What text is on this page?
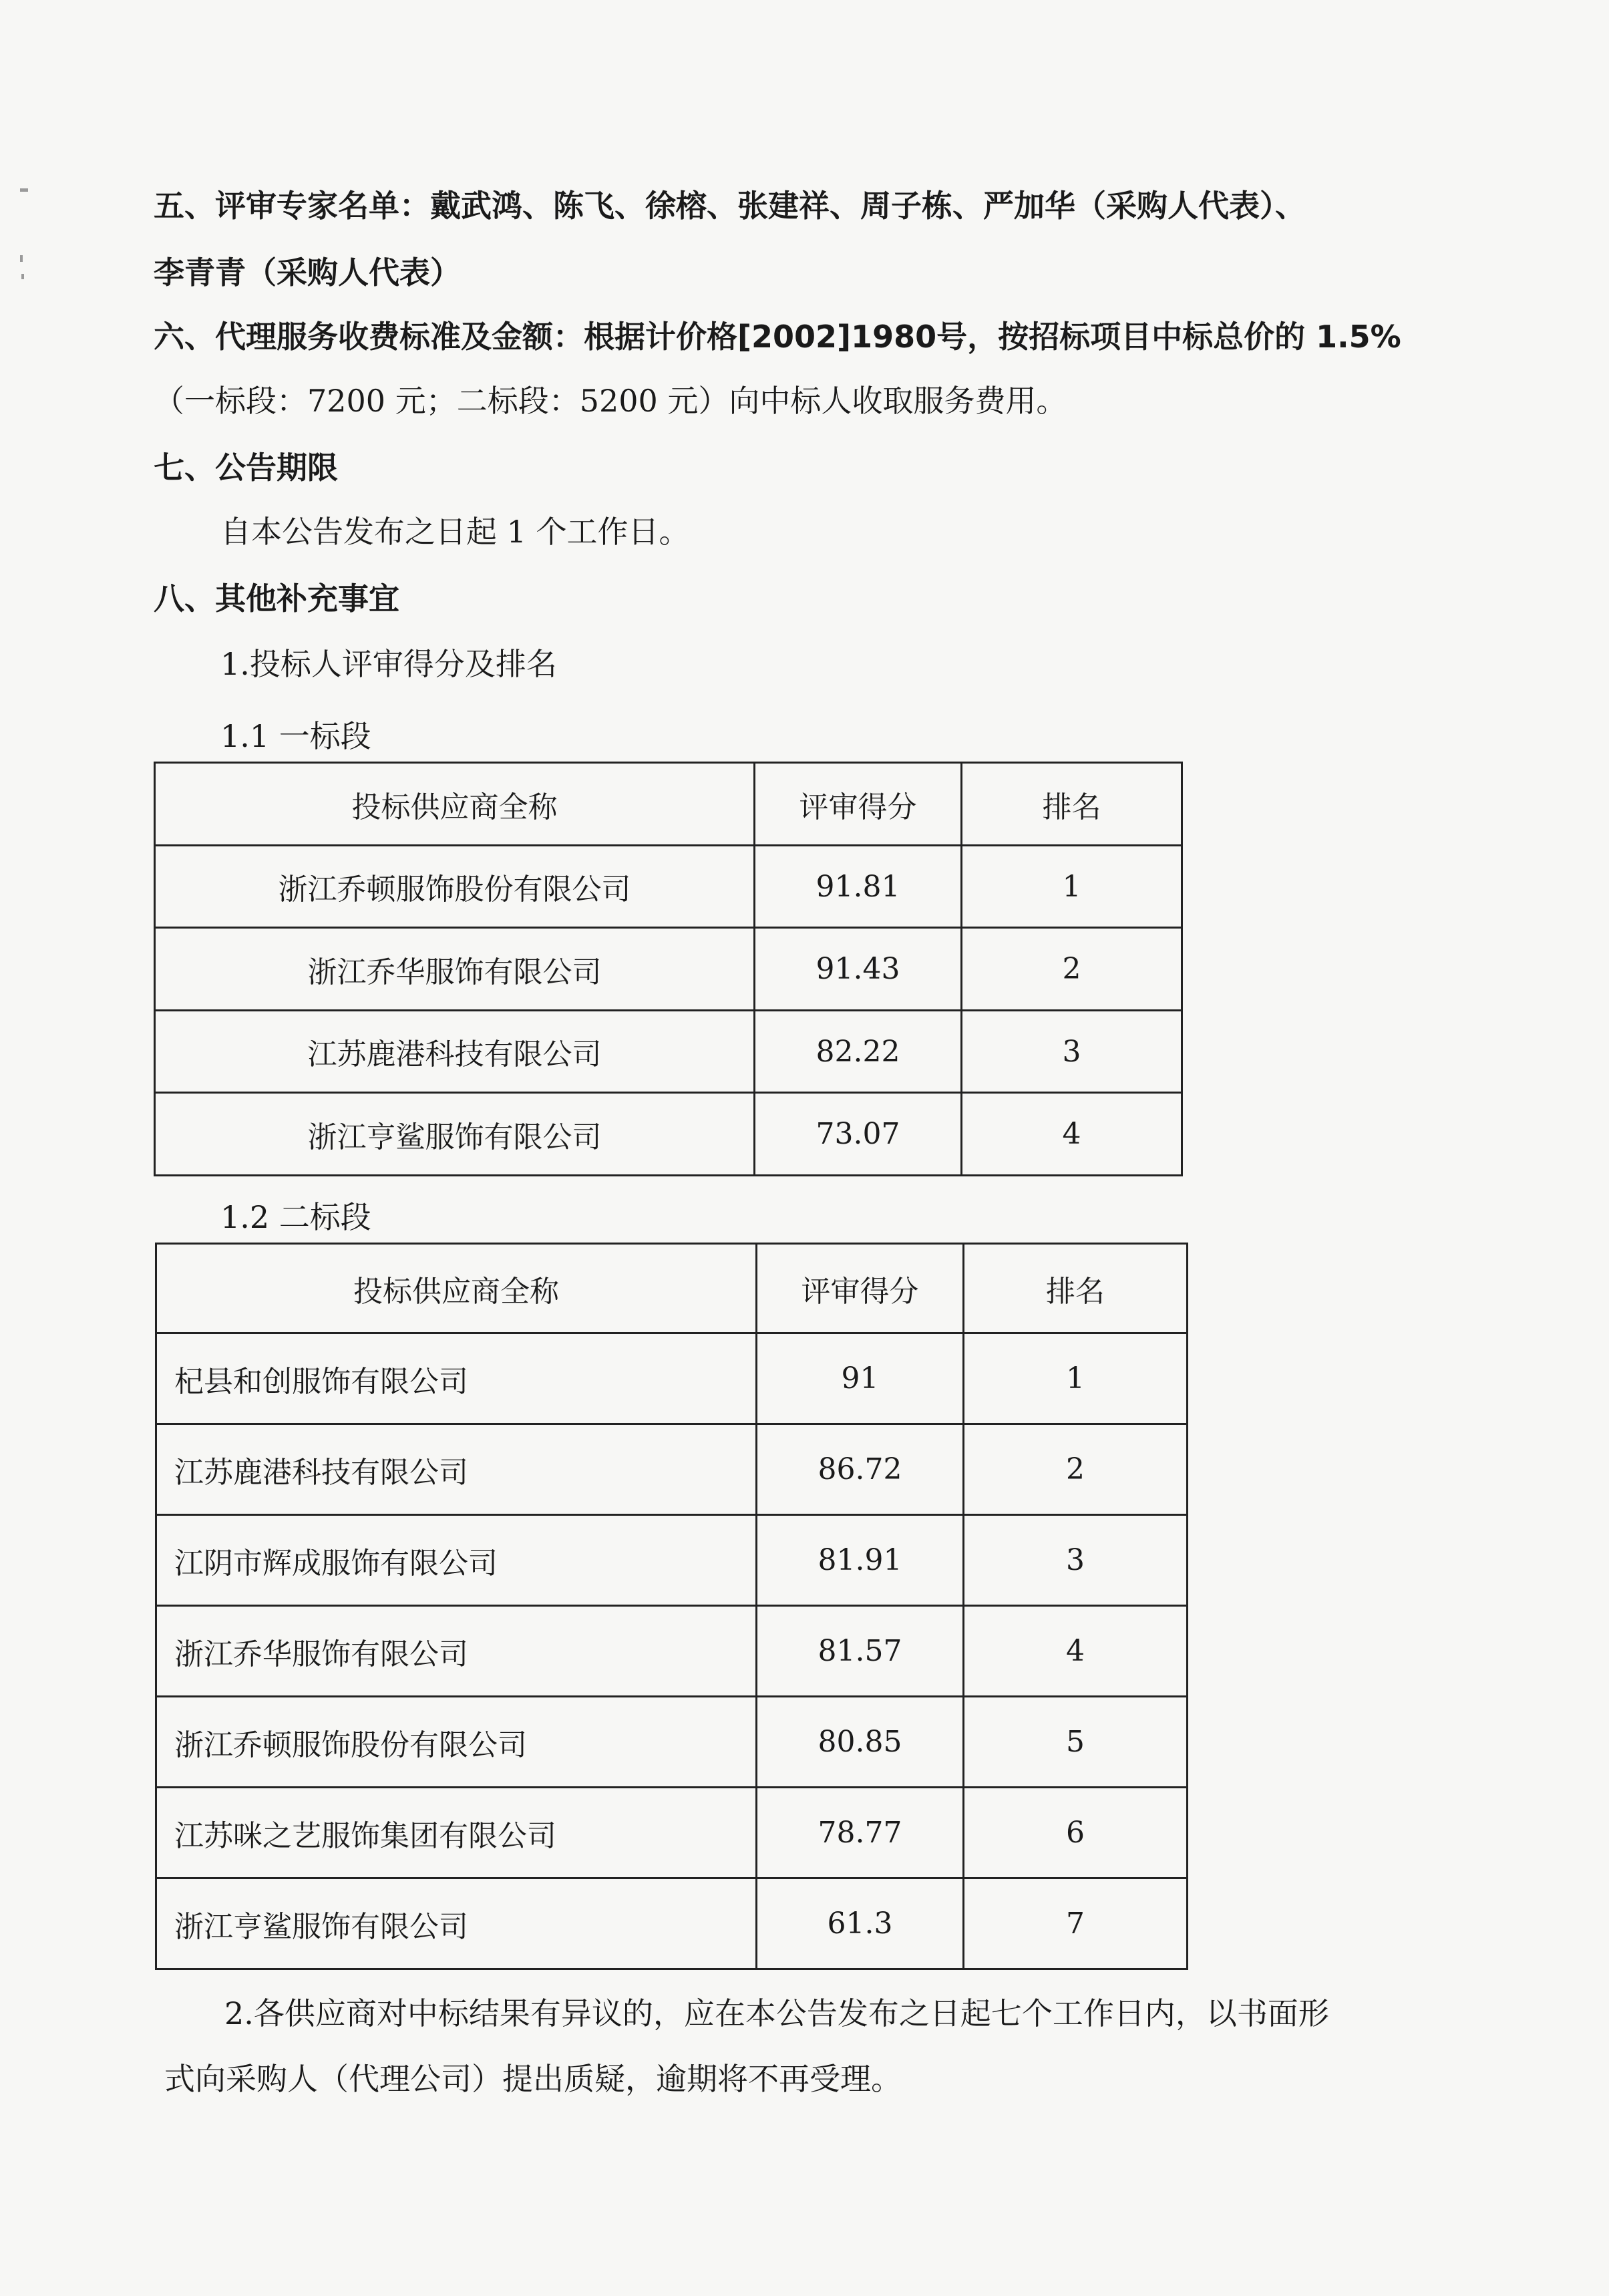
五、评审专家名单：戴武鸿、陈飞、徐榕、张建祥、周子栋、严加华（采购人代表）、
李青青（采购人代表）
六、代理服务收费标准及金额：根据计价格[2002]1980号，按招标项目中标总价的 1.5%
（一标段：7200 元；二标段：5200 元）向中标人收取服务费用。
七、公告期限
自本公告发布之日起 1 个工作日。
八、其他补充事宜
1.投标人评审得分及排名
1.1 一标段
投标供应商全称	评审得分	排名
浙江乔顿服饰股份有限公司	91.81	1
浙江乔华服饰有限公司	91.43	2
江苏鹿港科技有限公司	82.22	3
浙江亨鲨服饰有限公司	73.07	4
1.2 二标段
投标供应商全称	评审得分	排名
杞县和创服饰有限公司	91	1
江苏鹿港科技有限公司	86.72	2
江阴市辉成服饰有限公司	81.91	3
浙江乔华服饰有限公司	81.57	4
浙江乔顿服饰股份有限公司	80.85	5
江苏咪之艺服饰集团有限公司	78.77	6
浙江亨鲨服饰有限公司	61.3	7
2.各供应商对中标结果有异议的，应在本公告发布之日起七个工作日内，以书面形
式向采购人（代理公司）提出质疑，逾期将不再受理。
